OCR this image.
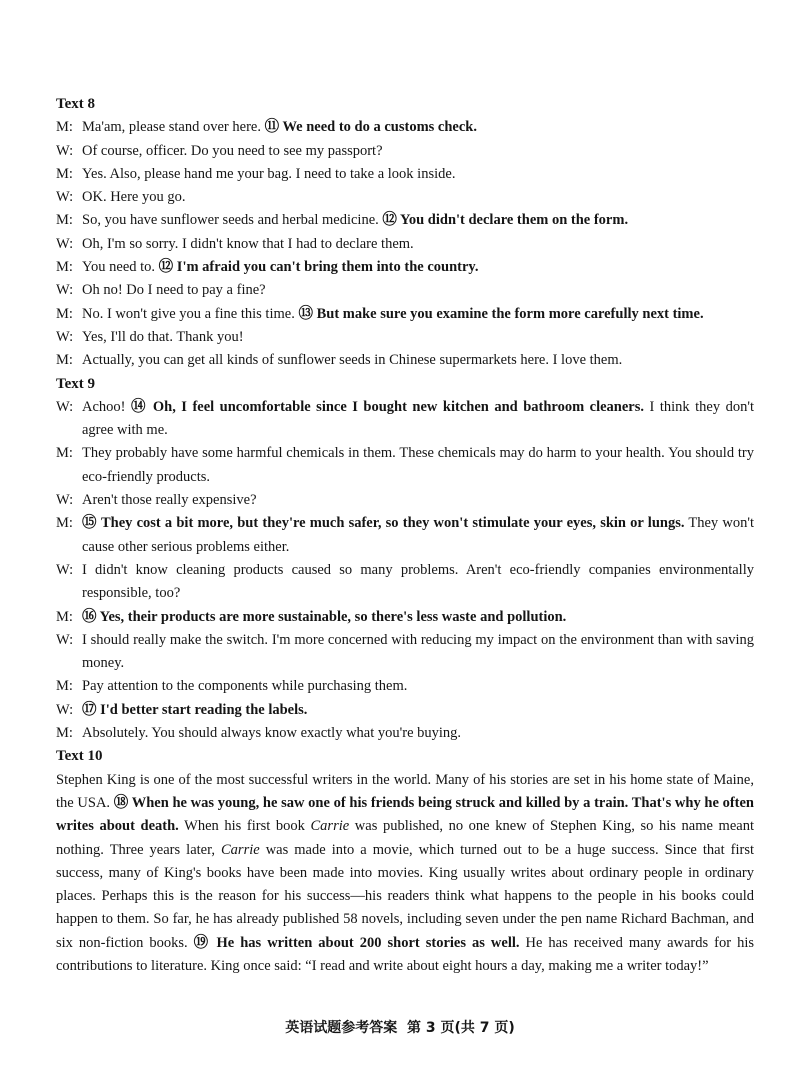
Text 8
M: Ma'am, please stand over here. ⑪ We need to do a customs check.
W: Of course, officer. Do you need to see my passport?
M: Yes. Also, please hand me your bag. I need to take a look inside.
W: OK. Here you go.
M: So, you have sunflower seeds and herbal medicine. ⑫ You didn't declare them on the form.
W: Oh, I'm so sorry. I didn't know that I had to declare them.
M: You need to. ⑫ I'm afraid you can't bring them into the country.
W: Oh no! Do I need to pay a fine?
M: No. I won't give you a fine this time. ⑬ But make sure you examine the form more carefully next time.
W: Yes, I'll do that. Thank you!
M: Actually, you can get all kinds of sunflower seeds in Chinese supermarkets here. I love them.
Text 9
W: Achoo! ⑭ Oh, I feel uncomfortable since I bought new kitchen and bathroom cleaners. I think they don't agree with me.
M: They probably have some harmful chemicals in them. These chemicals may do harm to your health. You should try eco-friendly products.
W: Aren't those really expensive?
M: ⑮ They cost a bit more, but they're much safer, so they won't stimulate your eyes, skin or lungs. They won't cause other serious problems either.
W: I didn't know cleaning products caused so many problems. Aren't eco-friendly companies environmentally responsible, too?
M: ⑯ Yes, their products are more sustainable, so there's less waste and pollution.
W: I should really make the switch. I'm more concerned with reducing my impact on the environment than with saving money.
M: Pay attention to the components while purchasing them.
W: ⑰ I'd better start reading the labels.
M: Absolutely. You should always know exactly what you're buying.
Text 10
Stephen King is one of the most successful writers in the world. Many of his stories are set in his home state of Maine, the USA. ⑱ When he was young, he saw one of his friends being struck and killed by a train. That's why he often writes about death. When his first book Carrie was published, no one knew of Stephen King, so his name meant nothing. Three years later, Carrie was made into a movie, which turned out to be a huge success. Since that first success, many of King's books have been made into movies. King usually writes about ordinary people in ordinary places. Perhaps this is the reason for his success—his readers think what happens to the people in his books could happen to them. So far, he has already published 58 novels, including seven under the pen name Richard Bachman, and six non-fiction books. ⑲ He has written about 200 short stories as well. He has received many awards for his contributions to literature. King once said: “I read and write about eight hours a day, making me a writer today!”
英语试题参考答案 第 3 页(共 7 页)
